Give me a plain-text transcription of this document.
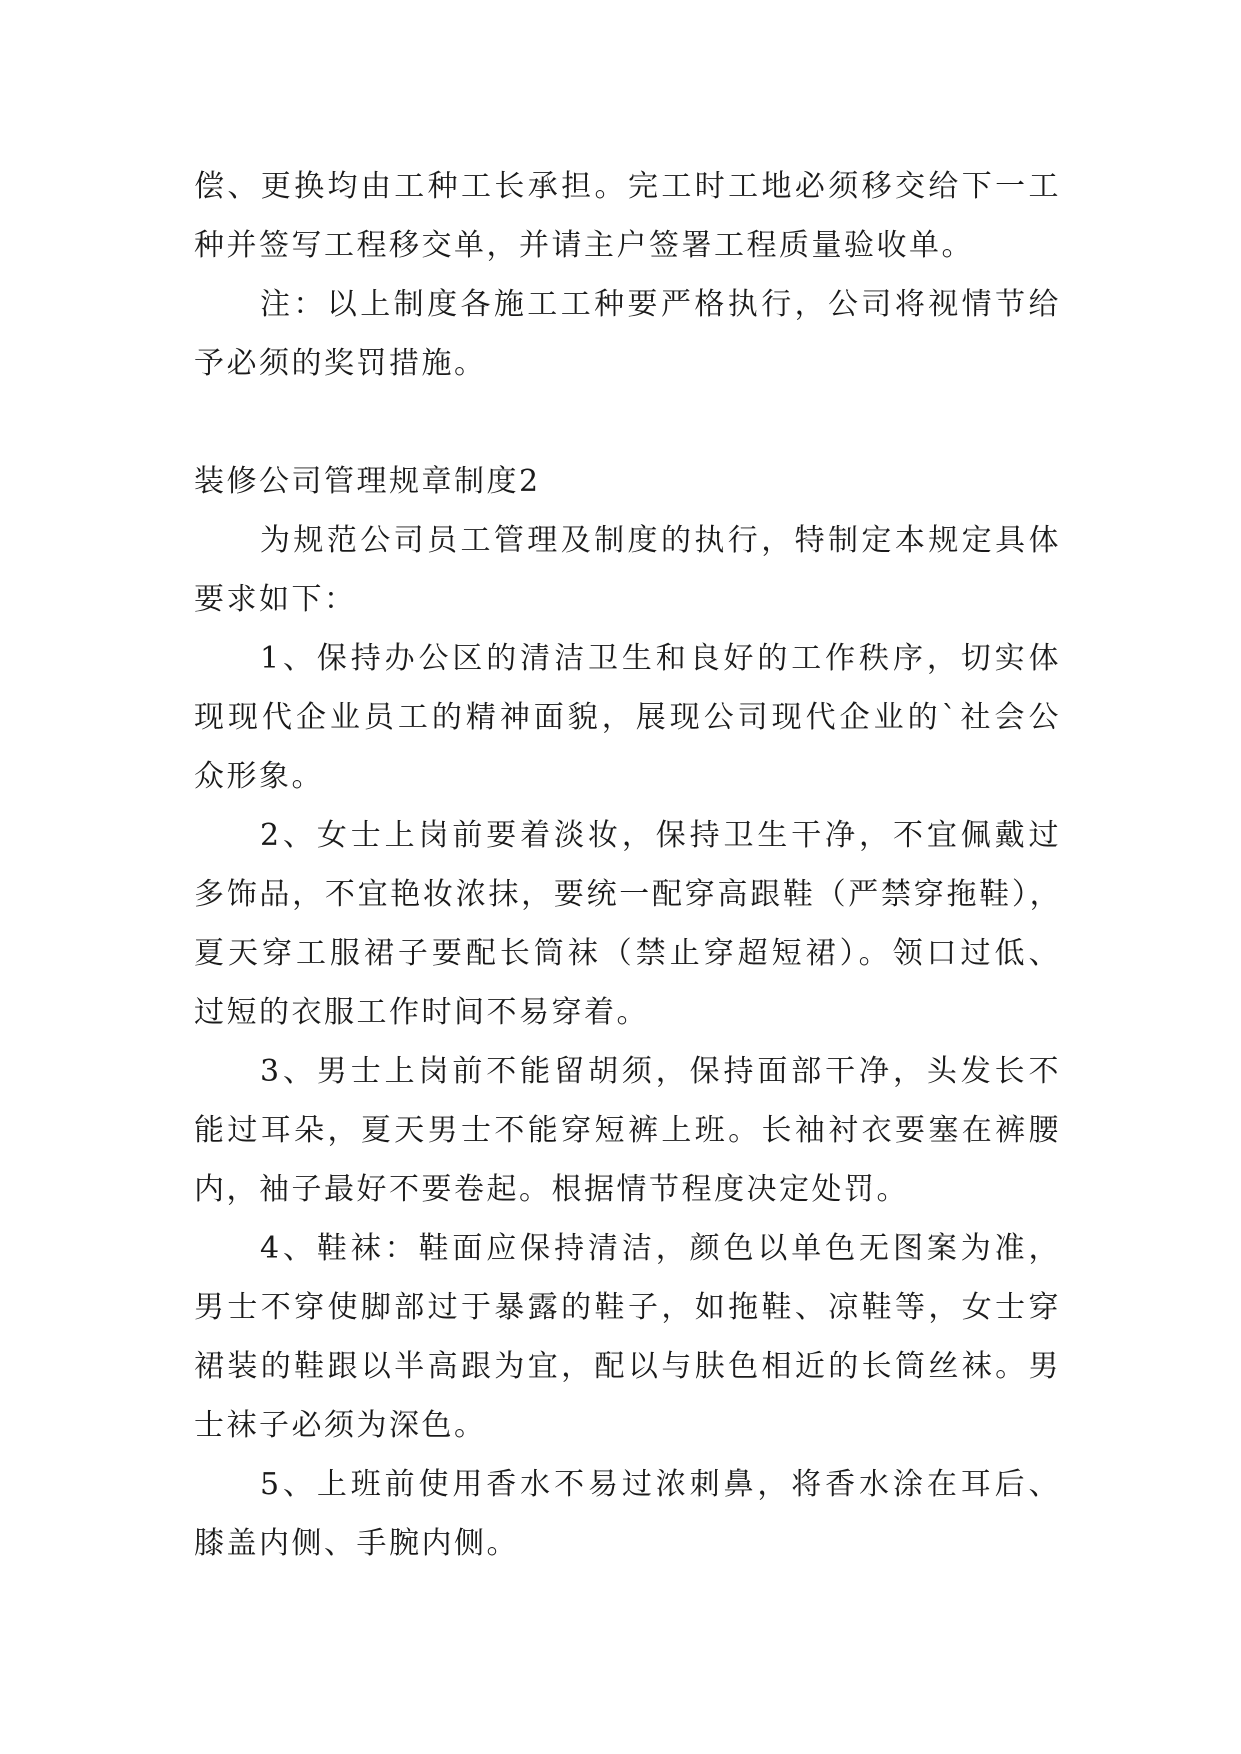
偿、更换均由工种工长承担。完工时工地必须移交给下一工
种并签写工程移交单，并请主户签署工程质量验收单。
注：以上制度各施工工种要严格执行，公司将视情节给
予必须的奖罚措施。
装修公司管理规章制度2
为规范公司员工管理及制度的执行，特制定本规定具体
要求如下：
1、保持办公区的清洁卫生和良好的工作秩序，切实体
现现代企业员工的精神面貌，展现公司现代企业的`社会公
众形象。
2、女士上岗前要着淡妆，保持卫生干净，不宜佩戴过
多饰品，不宜艳妆浓抹，要统一配穿高跟鞋（严禁穿拖鞋），
夏天穿工服裙子要配长筒袜（禁止穿超短裙）。领口过低、
过短的衣服工作时间不易穿着。
3、男士上岗前不能留胡须，保持面部干净，头发长不
能过耳朵，夏天男士不能穿短裤上班。长袖衬衣要塞在裤腰
内，袖子最好不要卷起。根据情节程度决定处罚。
4、鞋袜：鞋面应保持清洁，颜色以单色无图案为准，
男士不穿使脚部过于暴露的鞋子，如拖鞋、凉鞋等，女士穿
裙装的鞋跟以半高跟为宜，配以与肤色相近的长筒丝袜。男
士袜子必须为深色。
5、上班前使用香水不易过浓刺鼻，将香水涂在耳后、
膝盖内侧、手腕内侧。
